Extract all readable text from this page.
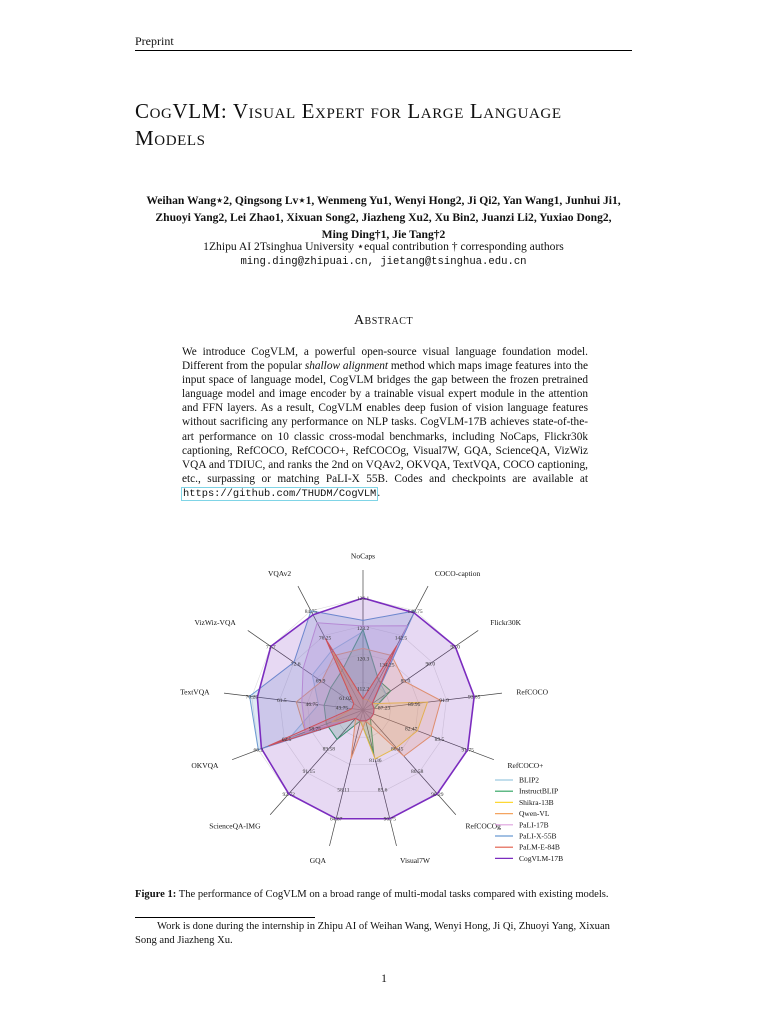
Preprint
CogVLM: Visual Expert for Large Language
Models
Weihan Wang⋆2, Qingsong Lv⋆1, Wenmeng Yu1, Wenyi Hong2, Ji Qi2, Yan Wang1, Junhui Ji1,
Zhuoyi Yang2, Lei Zhao1, Xixuan Song2, Jiazheng Xu2, Xu Bin2, Juanzi Li2, Yuxiao Dong2,
Ming Ding†1, Jie Tang†2
1Zhipu AI 2Tsinghua University ⋆equal contribution † corresponding authors
ming.ding@zhipuai.cn, jietang@tsinghua.edu.cn
Abstract

We introduce CogVLM, a powerful open-source visual language foundation model. Different from the popular shallow alignment method which maps image features into the input space of language model, CogVLM bridges the gap between the frozen pretrained language model and image encoder by a trainable visual expert module in the attention and FFN layers. As a result, CogVLM enables deep fusion of vision language features without sacrificing any performance on NLP tasks. CogVLM-17B achieves state-of-the-art performance on 10 classic cross-modal benchmarks, including NoCaps, Flickr30k captioning, RefCOCO, RefCOCO+, RefCOCOg, Visual7W, GQA, ScienceQA, VizWiz VQA and TDIUC, and ranks the 2nd on VQAv2, OKVQA, TextVQA, COCO captioning, etc., surpassing or matching PaLI-X 55B. Codes and checkpoints are available at https://github.com/THUDM/CogVLM.

126.1
123.2
120.3
112.2
148.75
142.5
134.25
95.0
90.0
85.0
93.85
91.9
89.95
87.23
91.75
89.5
82.47
90.29
86.58
80.45
90.75
85.6
81.36
64.87
58.11
92.72
91.15
89.58
66.2
62.5
58.75
70.25
61.5
46.75
43.75
73.7
72.6
69.9
61.02
84.75
76.25
NoCaps
COCO-caption
Flickr30K
RefCOCO
RefCOCO+
RefCOCOg
Visual7W
GQA
ScienceQA-IMG
OKVQA
TextVQA
VizWiz-VQA
VQAv2
BLIP2
InstructBLIP
Shikra-13B
Qwen-VL
PaLI-17B
PaLI-X-55B
PaLM-E-84B
CogVLM-17B
Figure 1: The performance of CogVLM on a broad range of multi-modal tasks compared with existing models.

Work is done during the internship in Zhipu AI of Weihan Wang, Wenyi Hong, Ji Qi, Zhuoyi Yang, Xixuan Song and Jiazheng Xu.

1
